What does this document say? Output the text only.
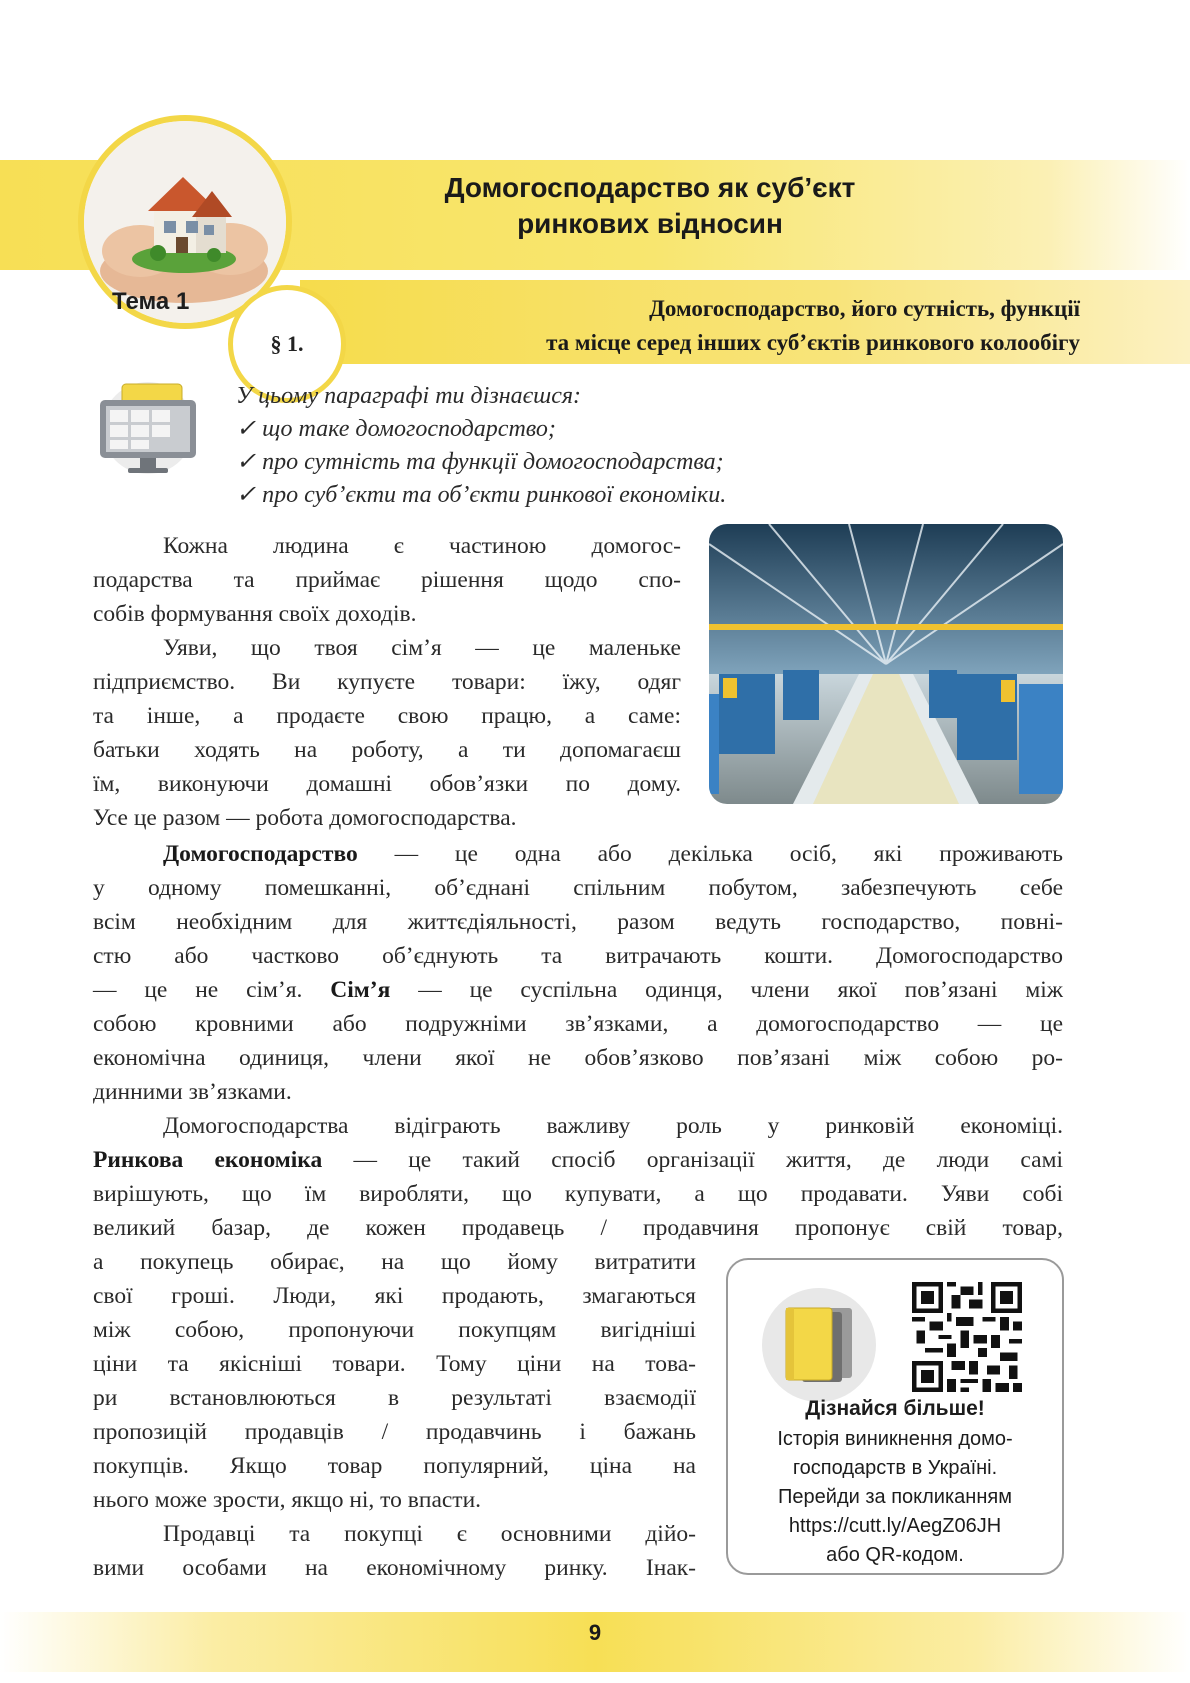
Тема 1
§ 1.
Домогосподарство як суб’єкт
ринкових відносин
Домогосподарство, його сутність, функції
та місце серед інших суб’єктів ринкового колообігу
У цьому параграфі ти дізнаєшся:
✓ що таке домогосподарство;
✓ про сутність та функції домогосподарства;
✓ про суб’єкти та об’єкти ринкової економіки.
Кожна людина є частиною домогос-
подарства та приймає рішення щодо спо-
собів формування своїх доходів.
Уяви, що твоя сім’я — це маленьке
підприємство. Ви купуєте товари: їжу, одяг
та інше, а продаєте свою працю, а саме:
батьки ходять на роботу, а ти допомагаєш
їм, виконуючи домашні обов’язки по дому.
Усе це разом — робота домогосподарства.
Домогосподарство — це одна або декілька осіб, які проживають
у одному помешканні, об’єднані спільним побутом, забезпечують себе
всім необхідним для життєдіяльності, разом ведуть господарство, повні-
стю або частково об’єднують та витрачають кошти. Домогосподарство
— це не сім’я. Сім’я — це суспільна одинця, члени якої пов’язані між
собою кровними або подружніми зв’язками, а домогосподарство — це
економічна одиниця, члени якої не обов’язково пов’язані між собою ро-
динними зв’язками.
Домогосподарства відіграють важливу роль у ринковій економіці.
Ринкова економіка — це такий спосіб організації життя, де люди самі
вирішують, що їм виробляти, що купувати, а що продавати. Уяви собі
великий базар, де кожен продавець / продавчиня пропонує свій товар,
а покупець обирає, на що йому витратити
свої гроші. Люди, які продають, змагаються
між собою, пропонуючи покупцям вигідніші
ціни та якісніші товари. Тому ціни на това-
ри встановлюються в результаті взаємодії
пропозицій продавців / продавчинь і бажань
покупців. Якщо товар популярний, ціна на
нього може зрости, якщо ні, то впасти.
Продавці та покупці є основними дійо-
вими особами на економічному ринку. Інак-
Дізнайся більше!
Історія виникнення домо-
господарств в Україні.
Перейди за покликанням
https://cutt.ly/AegZ06JH
або QR-кодом.
9
